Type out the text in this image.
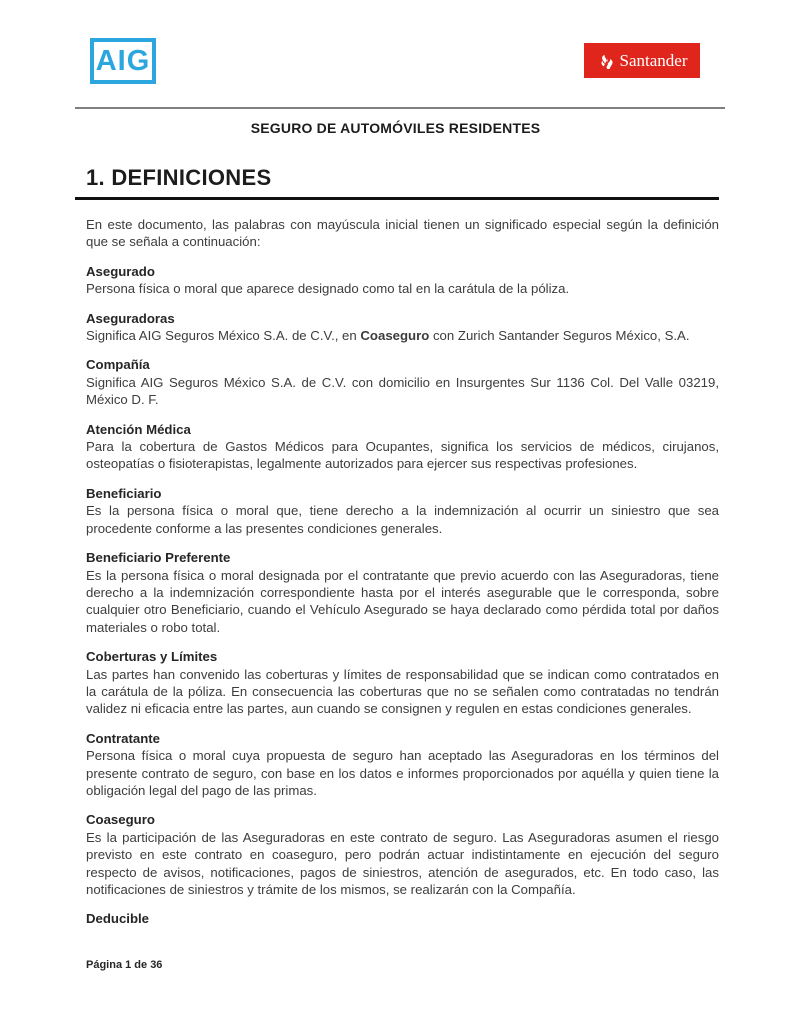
AIG	Santander
SEGURO DE AUTOMÓVILES RESIDENTES
1. DEFINICIONES

En este documento, las palabras con mayúscula inicial tienen un significado especial según la definición que se señala a continuación:

Asegurado

Persona física o moral que aparece designado como tal en la carátula de la póliza.

Aseguradoras

Significa AIG Seguros México S.A. de C.V., en Coaseguro con Zurich Santander Seguros México, S.A.

Compañía

Significa AIG Seguros México S.A. de C.V. con domicilio en Insurgentes Sur 1136 Col. Del Valle 03219, México D. F.

Atención Médica

Para la cobertura de Gastos Médicos para Ocupantes, significa los servicios de médicos, cirujanos, osteopatías o fisioterapistas, legalmente autorizados para ejercer sus respectivas profesiones.

Beneficiario

Es la persona física o moral que, tiene derecho a la indemnización al ocurrir un siniestro que sea procedente conforme a las presentes condiciones generales.

Beneficiario Preferente

Es la persona física o moral designada por el contratante que previo acuerdo con las Aseguradoras, tiene derecho a la indemnización correspondiente hasta por el interés asegurable que le corresponda, sobre cualquier otro Beneficiario, cuando el Vehículo Asegurado se haya declarado como pérdida total por daños materiales o robo total.

Coberturas y Límites

Las partes han convenido las coberturas y límites de responsabilidad que se indican como contratados en la carátula de la póliza. En consecuencia las coberturas que no se señalen como contratadas no tendrán validez ni eficacia entre las partes, aun cuando se consignen y regulen en estas condiciones generales.

Contratante

Persona física o moral cuya propuesta de seguro han aceptado las Aseguradoras en los términos del presente contrato de seguro, con base en los datos e informes proporcionados por aquélla y quien tiene la obligación legal del pago de las primas.

Coaseguro

Es la participación de las Aseguradoras en este contrato de seguro. Las Aseguradoras asumen el riesgo previsto en este contrato en coaseguro, pero podrán actuar indistintamente en ejecución del seguro respecto de avisos, notificaciones, pagos de siniestros, atención de asegurados, etc. En todo caso, las notificaciones de siniestros y trámite de los mismos, se realizarán con la Compañía.

Deducible
Página 1 de 36
